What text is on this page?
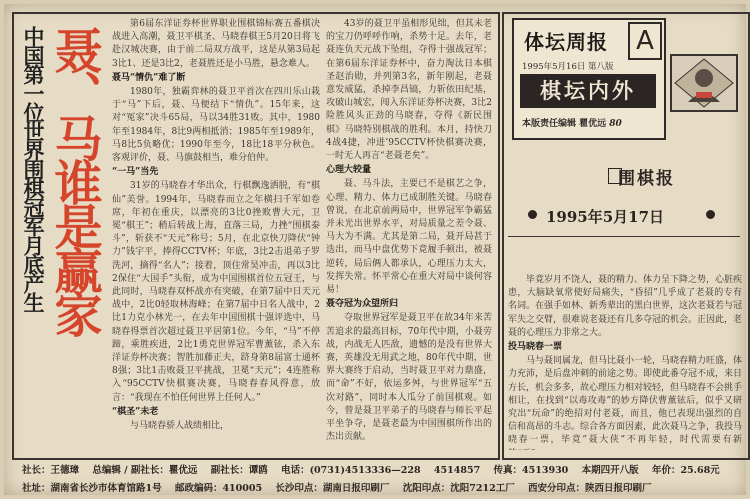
中国第一位世界围棋冠军月底产生 聂、马谁是赢家

第6届东洋证券杯世界职业围棋锦标赛五番棋决战进入高潮，聂卫平棋圣、马晓春棋王5月20日将飞赴汉城决赛，由于前二局双方战平，这是从第3局起3比1、还是3比2，老聂胜还是小马胜，悬念难人。

聂马“情仇”难了断

1980年，独霸弈林的聂卫平首次在四川乐山栽于“马”下后，聂、马便结下“情仇”。15年来，这对“冤家”决斗65局，马以34胜31败。其中，1980年至1984年，8比9两相抵消；1985年至1989年，马8比5负略优；1990年至今，18比18平分秋色。客观评价，聂、马旗鼓相当，难分伯仲。

“一马”当先

31岁的马晓春才华出众，行棋飘逸洒脱，有“棋仙”美誉。1994年，马晓春而立之年横扫千军如卷席，年初在重庆，以漂亮的3比0挫败曹大元，卫冕“棋王”；稍后转战上海，直落三局，力挫“围棋泰斗”，斩获不“天元”称号；5月，在北京快刀降伏“钟力”钱宇平，捧得CCTV杯；年底，3比2击退弟子罗洗河，摘得“名人”；接着，顶住常昊冲击，再以3比2保住“大国手”头衔，成为中国围棋首位五冠王，与此同时，马晓春双杯战亦有突破，在第7届中日天元战中，2比0轻取林海峰；在第7届中日名人战中，2比1力克小林光一，在去年中国围棋十强评选中，马晓春得票首次超过聂卫平居第1位。今年，“马”不停蹄，乘胜疾进，2比1勇克世界冠军曹薰铉，杀入东洋证券杯决赛；智胜加藤正夫，跻身第8届富士通杯8强；3比1击败聂卫平挑战，卫冕“天元”；4连胜称入“95CCTV快棋赛决赛，马晓春春风得意，放言：“我现在不怕任何世界上任何人。”

“棋圣”未老

与马晓春骄人战绩相比，

43岁的聂卫平虽相形见绌，但其未老的宝刀仍呼呼作响，杀势十足。去年，老聂连负天元战下坠组，夺得十强战冠军；在第6届东洋证券杯中，奋力淘汰日本棋圣赵治勋，并列第3名，新年刚起，老聂意发威猛，杀掉李昌镐，力斩依田纪基，攻破山城宏，闯入东洋证券杯决赛，3比2险胜风头正劲的马晓春，夺得《新民围棋》马晓特别棋战的胜利。本月，持快刀4战4捷，冲进’95CCTV杯快棋赛决赛，一时无人再言“老聂老矣”。

心理大较量

聂、马斗法，主要已不是棋艺之争，心理、精力、体力已成制胜关键。马晓春曾说，在北京前两局中，世界冠军争霸猛并未光出世界水平，对局质量之差令聂、马大为不满。尤其是第二局，聂开局甚于迭出，而马中盘优势下竟履手顿出，被聂逆转，局后俩人都承认，心理压力太大，发挥失常。怀平常心在重大对局中谈何容易！

聂夺冠为众望所归

夺取世界冠军是聂卫平在故34年来苦苦追求的最高目标，70年代中期，小聂劳战，内战无人匹敌，遗憾的是没有世界大赛，英雄没无用武之地，80年代中期，世界大赛终于启动，当时聂卫平对力鼎盛，而“命”不好，依运多舛，与世界冠军“五次对路”，同时本人瓜分了前国棋观。如今，曾是聂卫平弟子的马晓春与师长平起平坐争夺，是聂老最为中国围棋所作出的杰出贡献。

体坛周报	A
1995年5月16日 第八版
棋坛内外
本版责任编辑 瞿优远 80
围棋报
1995年5月17日

毕竟岁月不饶人，聂的精力、体力呈下降之势，心脏疾患，大脑缺氧常使好局痛失，“昏招”几乎成了老聂的专有名词。在强手如林、新秀辈出的黑白世界，这次老聂若与冠军失之交臂，很难说老聂还有几多夺冠的机会。正因此，老聂的心理压力非常之大。

投马晓春一票

马与聂同属龙，但马比聂小一轮，马晓春精力旺盛，体力充沛，是后盘冲刺的前途之势。即使此番夺冠不成，来日方长，机会多多，故心理压力相对较轻，但马晓春不会挑手相让，在找到“以毒攻毒”的妙方降伏曹薰铉后，似乎又研究出“玩命”的绝招对付老聂，而且，他已表现出强烈的自信和高昂的斗志。综合各方面因素，此次聂马之争，我投马晓春一票，毕竟”聂大侠”不再年轻，时代需要有新

社长：王德璋 总编辑 / 副社长：瞿优远 副社长：谭鸥 电话：(0731)4513336—228 4514857 传真：4513930 本期四开八版 年价：25.68元
社址：湖南省长沙市体育馆路1号 邮政编码：410005 长沙印点：湖南日报印刷厂 沈阳印点：沈阳7212工厂 西安分印点：陕西日报印刷厂
